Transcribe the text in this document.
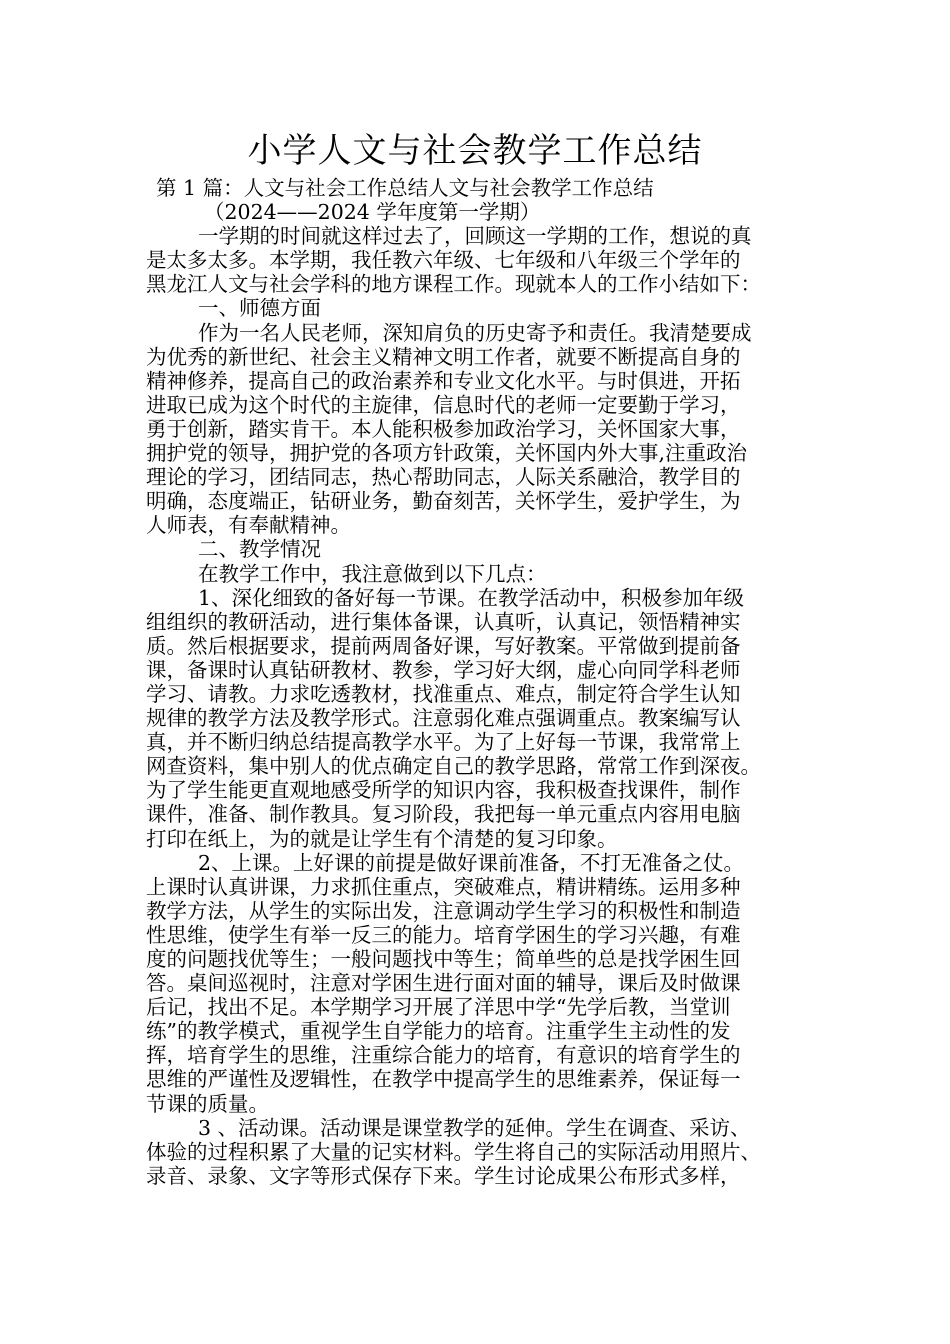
小学人文与社会教学工作总结
第 1 篇：人文与社会工作总结人文与社会教学工作总结
（2024——2024 学年度第一学期）
一学期的时间就这样过去了，回顾这一学期的工作，想说的真
是太多太多。本学期，我任教六年级、七年级和八年级三个学年的
黑龙江人文与社会学科的地方课程工作。现就本人的工作小结如下：
一、师德方面
作为一名人民老师，深知肩负的历史寄予和责任。我清楚要成
为优秀的新世纪、社会主义精神文明工作者，就要不断提高自身的
精神修养，提高自己的政治素养和专业文化水平。与时俱进，开拓
进取已成为这个时代的主旋律，信息时代的老师一定要勤于学习，
勇于创新，踏实肯干。本人能积极参加政治学习，关怀国家大事，
拥护党的领导，拥护党的各项方针政策，关怀国内外大事,注重政治
理论的学习，团结同志，热心帮助同志，人际关系融洽，教学目的
明确，态度端正，钻研业务，勤奋刻苦，关怀学生，爱护学生，为
人师表，有奉献精神。
二、教学情况
在教学工作中，我注意做到以下几点：
1、深化细致的备好每一节课。在教学活动中，积极参加年级
组组织的教研活动，进行集体备课，认真听，认真记，领悟精神实
质。然后根据要求，提前两周备好课，写好教案。平常做到提前备
课，备课时认真钻研教材、教参，学习好大纲，虚心向同学科老师
学习、请教。力求吃透教材，找准重点、难点，制定符合学生认知
规律的教学方法及教学形式。注意弱化难点强调重点。教案编写认
真，并不断归纳总结提高教学水平。为了上好每一节课，我常常上
网查资料，集中别人的优点确定自己的教学思路，常常工作到深夜。
为了学生能更直观地感受所学的知识内容，我积极查找课件，制作
课件，准备、制作教具。复习阶段，我把每一单元重点内容用电脑
打印在纸上，为的就是让学生有个清楚的复习印象。
2、上课。上好课的前提是做好课前准备，不打无准备之仗。
上课时认真讲课，力求抓住重点，突破难点，精讲精练。运用多种
教学方法，从学生的实际出发，注意调动学生学习的积极性和制造
性思维，使学生有举一反三的能力。培育学困生的学习兴趣，有难
度的问题找优等生；一般问题找中等生；简单些的总是找学困生回
答。桌间巡视时，注意对学困生进行面对面的辅导，课后及时做课
后记，找出不足。本学期学习开展了洋思中学“先学后教，当堂训
练”的教学模式，重视学生自学能力的培育。注重学生主动性的发
挥，培育学生的思维，注重综合能力的培育，有意识的培育学生的
思维的严谨性及逻辑性，在教学中提高学生的思维素养，保证每一
节课的质量。
3 、活动课。活动课是课堂教学的延伸。学生在调查、采访、
体验的过程积累了大量的记实材料。学生将自己的实际活动用照片、
录音、录象、文字等形式保存下来。学生讨论成果公布形式多样，
